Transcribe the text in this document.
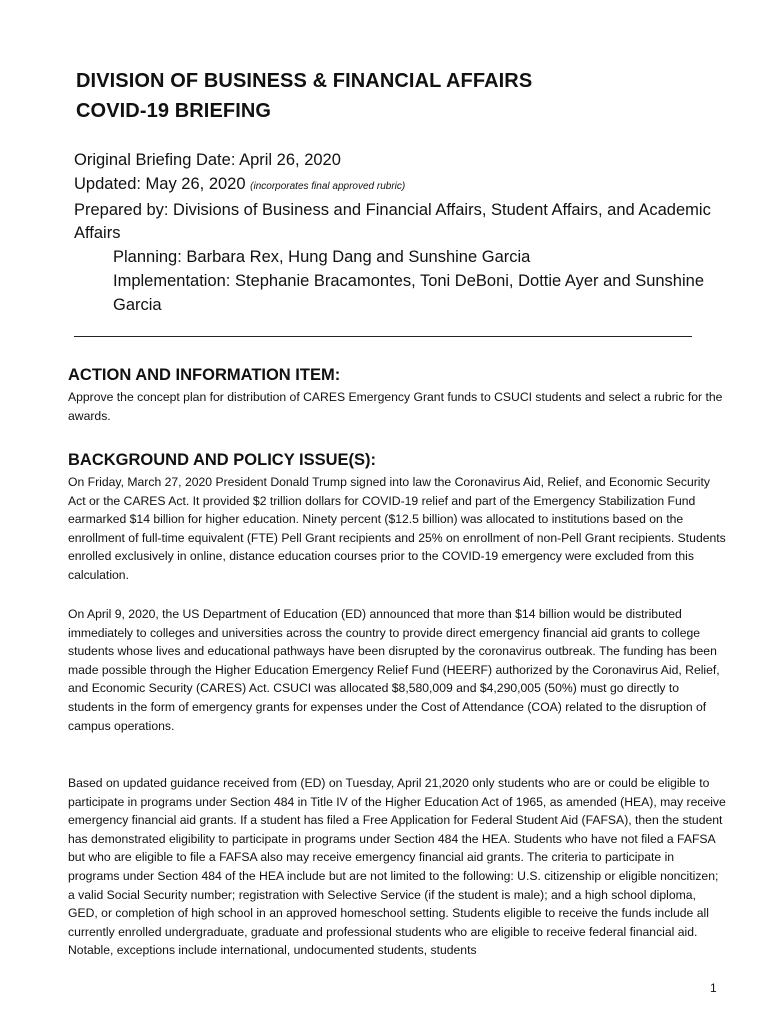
DIVISION OF BUSINESS & FINANCIAL AFFAIRS
COVID-19 BRIEFING

Original Briefing Date: April 26, 2020

Updated: May 26, 2020 (incorporates final approved rubric)

Prepared by: Divisions of Business and Financial Affairs, Student Affairs, and Academic Affairs

Planning: Barbara Rex, Hung Dang and Sunshine Garcia

Implementation: Stephanie Bracamontes, Toni DeBoni, Dottie Ayer and Sunshine Garcia

ACTION AND INFORMATION ITEM:

Approve the concept plan for distribution of CARES Emergency Grant funds to CSUCI students and select a rubric for the awards.

BACKGROUND AND POLICY ISSUE(S):

On Friday, March 27, 2020 President Donald Trump signed into law the Coronavirus Aid, Relief, and Economic Security Act or the CARES Act. It provided $2 trillion dollars for COVID-19 relief and part of the Emergency Stabilization Fund earmarked $14 billion for higher education. Ninety percent ($12.5 billion) was allocated to institutions based on the enrollment of full-time equivalent (FTE) Pell Grant recipients and 25% on enrollment of non-Pell Grant recipients. Students enrolled exclusively in online, distance education courses prior to the COVID-19 emergency were excluded from this calculation.

On April 9, 2020, the US Department of Education (ED) announced that more than $14 billion would be distributed immediately to colleges and universities across the country to provide direct emergency financial aid grants to college students whose lives and educational pathways have been disrupted by the coronavirus outbreak. The funding has been made possible through the Higher Education Emergency Relief Fund (HEERF) authorized by the Coronavirus Aid, Relief, and Economic Security (CARES) Act. CSUCI was allocated $8,580,009 and $4,290,005 (50%) must go directly to students in the form of emergency grants for expenses under the Cost of Attendance (COA) related to the disruption of campus operations.

Based on updated guidance received from (ED) on Tuesday, April 21,2020 only students who are or could be eligible to participate in programs under Section 484 in Title IV of the Higher Education Act of 1965, as amended (HEA), may receive emergency financial aid grants. If a student has filed a Free Application for Federal Student Aid (FAFSA), then the student has demonstrated eligibility to participate in programs under Section 484 the HEA. Students who have not filed a FAFSA but who are eligible to file a FAFSA also may receive emergency financial aid grants. The criteria to participate in programs under Section 484 of the HEA include but are not limited to the following: U.S. citizenship or eligible noncitizen; a valid Social Security number; registration with Selective Service (if the student is male); and a high school diploma, GED, or completion of high school in an approved homeschool setting. Students eligible to receive the funds include all currently enrolled undergraduate, graduate and professional students who are eligible to receive federal financial aid. Notable, exceptions include international, undocumented students, students

1
